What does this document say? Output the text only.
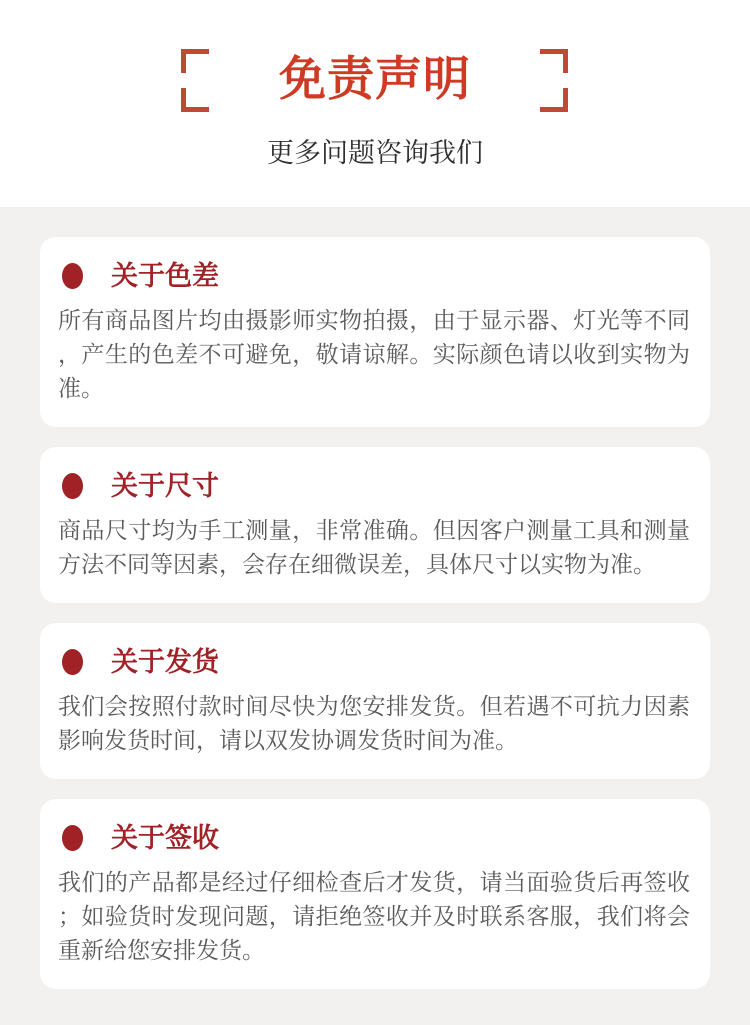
免责声明

更多问题咨询我们

关于色差

所有商品图片均由摄影师实物拍摄，由于显示器、灯光等不同，产生的色差不可避免，敬请谅解。实际颜色请以收到实物为准。

关于尺寸

商品尺寸均为手工测量，非常准确。但因客户测量工具和测量方法不同等因素，会存在细微误差，具体尺寸以实物为准。

关于发货

我们会按照付款时间尽快为您安排发货。但若遇不可抗力因素影响发货时间，请以双发协调发货时间为准。

关于签收

我们的产品都是经过仔细检查后才发货，请当面验货后再签收；如验货时发现问题，请拒绝签收并及时联系客服，我们将会重新给您安排发货。
